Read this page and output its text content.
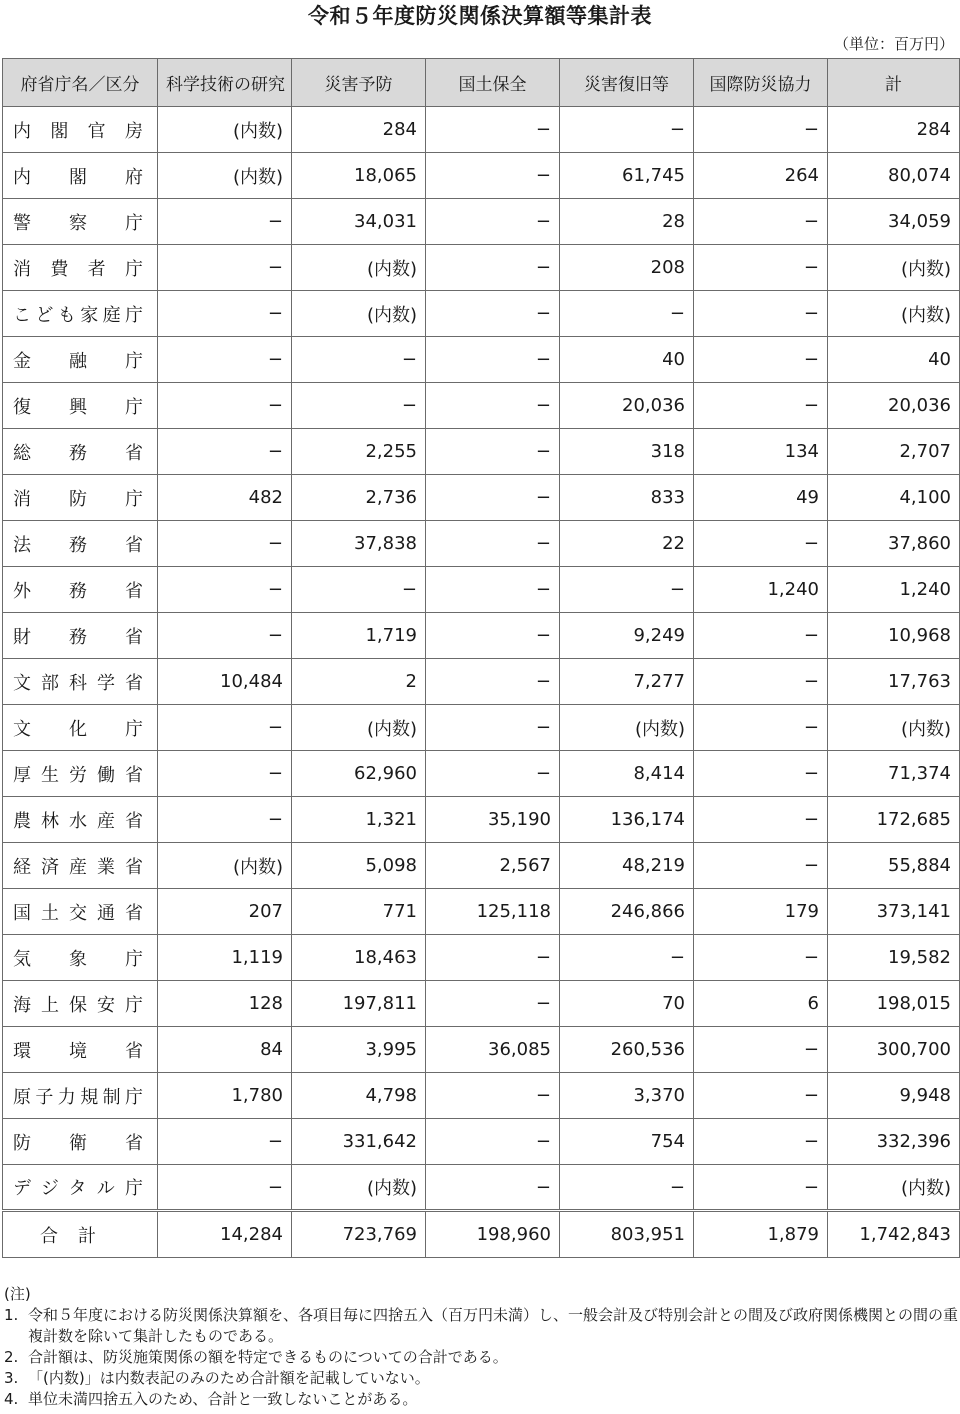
令和５年度防災関係決算額等集計表
（単位：百万円）
府省庁名／区分	科学技術の研究	災害予防	国土保全	災害復旧等	国際防災協力	計
内閣官房	(内数)	284	−	−	−	284
内閣府	(内数)	18,065	−	61,745	264	80,074
警察庁	−	34,031	−	28	−	34,059
消費者庁	−	(内数)	−	208	−	(内数)
こども家庭庁	−	(内数)	−	−	−	(内数)
金融庁	−	−	−	40	−	40
復興庁	−	−	−	20,036	−	20,036
総務省	−	2,255	−	318	134	2,707
消防庁	482	2,736	−	833	49	4,100
法務省	−	37,838	−	22	−	37,860
外務省	−	−	−	−	1,240	1,240
財務省	−	1,719	−	9,249	−	10,968
文部科学省	10,484	2	−	7,277	−	17,763
文化庁	−	(内数)	−	(内数)	−	(内数)
厚生労働省	−	62,960	−	8,414	−	71,374
農林水産省	−	1,321	35,190	136,174	−	172,685
経済産業省	(内数)	5,098	2,567	48,219	−	55,884
国土交通省	207	771	125,118	246,866	179	373,141
気象庁	1,119	18,463	−	−	−	19,582
海上保安庁	128	197,811	−	70	6	198,015
環境省	84	3,995	36,085	260,536	−	300,700
原子力規制庁	1,780	4,798	−	3,370	−	9,948
防衛省	−	331,642	−	754	−	332,396
デジタル庁	−	(内数)	−	−	−	(内数)
合計	14,284	723,769	198,960	803,951	1,879	1,742,843
(注)
1. 令和５年度における防災関係決算額を、各項目毎に四捨五入（百万円未満）し、一般会計及び特別会計との間及び政府関係機関との間の重複計数を除いて集計したものである。
2. 合計額は、防災施策関係の額を特定できるものについての合計である。
3. 「(内数)」は内数表記のみのため合計額を記載していない。
4. 単位未満四捨五入のため、合計と一致しないことがある。
